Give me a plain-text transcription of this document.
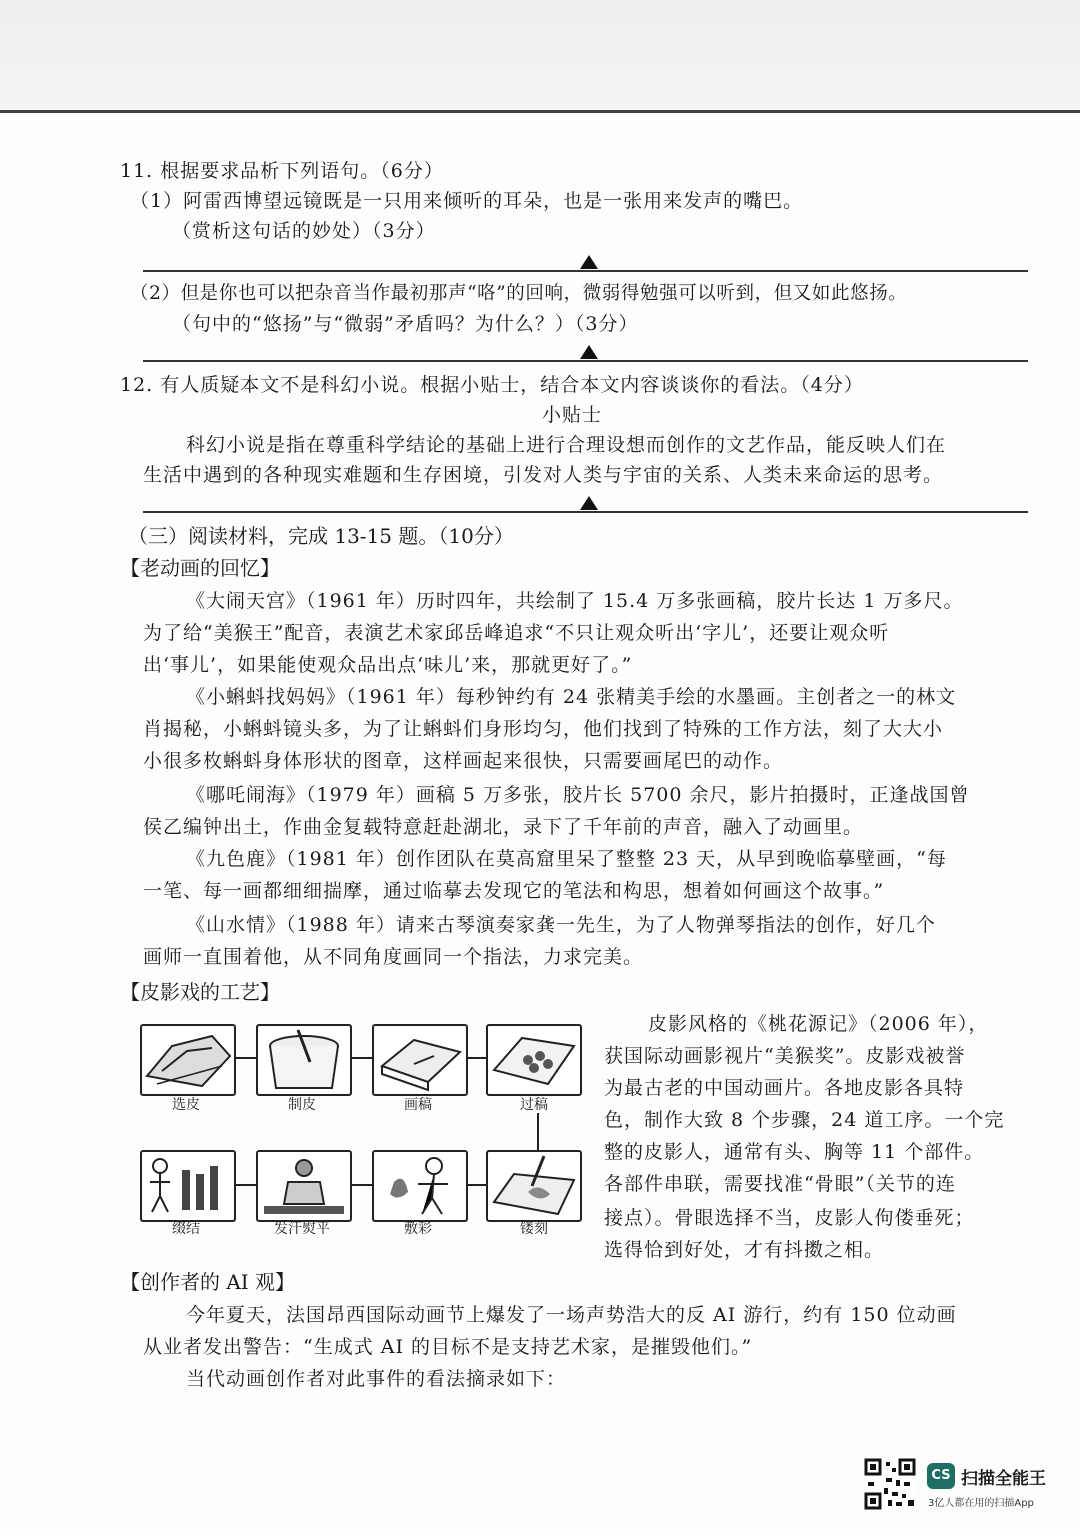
11. 根据要求品析下列语句。（6分）
（1）阿雷西博望远镜既是一只用来倾听的耳朵，也是一张用来发声的嘴巴。
（赏析这句话的妙处）（3分）
（2）但是你也可以把杂音当作最初那声“咯”的回响，微弱得勉强可以听到，但又如此悠扬。
（句中的“悠扬”与“微弱”矛盾吗？为什么？）（3分）
12. 有人质疑本文不是科幻小说。根据小贴士，结合本文内容谈谈你的看法。（4分）
小贴士
科幻小说是指在尊重科学结论的基础上进行合理设想而创作的文艺作品，能反映人们在
生活中遇到的各种现实难题和生存困境，引发对人类与宇宙的关系、人类未来命运的思考。
（三）阅读材料，完成 13-15 题。（10分）
【老动画的回忆】
《大闹天宫》（1961 年）历时四年，共绘制了 15.4 万多张画稿，胶片长达 1 万多尺。
为了给“美猴王”配音，表演艺术家邱岳峰追求“不只让观众听出‘字儿’，还要让观众听
出‘事儿’，如果能使观众品出点‘味儿’来，那就更好了。”
《小蝌蚪找妈妈》（1961 年）每秒钟约有 24 张精美手绘的水墨画。主创者之一的林文
肖揭秘，小蝌蚪镜头多，为了让蝌蚪们身形均匀，他们找到了特殊的工作方法，刻了大大小
小很多枚蝌蚪身体形状的图章，这样画起来很快，只需要画尾巴的动作。
《哪吒闹海》（1979 年）画稿 5 万多张，胶片长 5700 余尺，影片拍摄时，正逢战国曾
侯乙编钟出土，作曲金复载特意赶赴湖北，录下了千年前的声音，融入了动画里。
《九色鹿》（1981 年）创作团队在莫高窟里呆了整整 23 天，从早到晚临摹壁画，“每
一笔、每一画都细细揣摩，通过临摹去发现它的笔法和构思，想着如何画这个故事。”
《山水情》（1988 年）请来古琴演奏家龚一先生，为了人物弹琴指法的创作，好几个
画师一直围着他，从不同角度画同一个指法，力求完美。
【皮影戏的工艺】
选皮	制皮	画稿	过稿
缀结	发汗熨平	敷彩	镂刻
皮影风格的《桃花源记》（2006 年），
获国际动画影视片“美猴奖”。皮影戏被誉
为最古老的中国动画片。各地皮影各具特
色，制作大致 8 个步骤，24 道工序。一个完
整的皮影人，通常有头、胸等 11 个部件。
各部件串联，需要找准“骨眼”（关节的连
接点）。骨眼选择不当，皮影人佝偻垂死；
选得恰到好处，才有抖擞之相。
【创作者的 AI 观】
今年夏天，法国昂西国际动画节上爆发了一场声势浩大的反 AI 游行，约有 150 位动画
从业者发出警告：“生成式 AI 的目标不是支持艺术家，是摧毁他们。”
当代动画创作者对此事件的看法摘录如下：
CS 扫描全能王
3亿人都在用的扫描App
